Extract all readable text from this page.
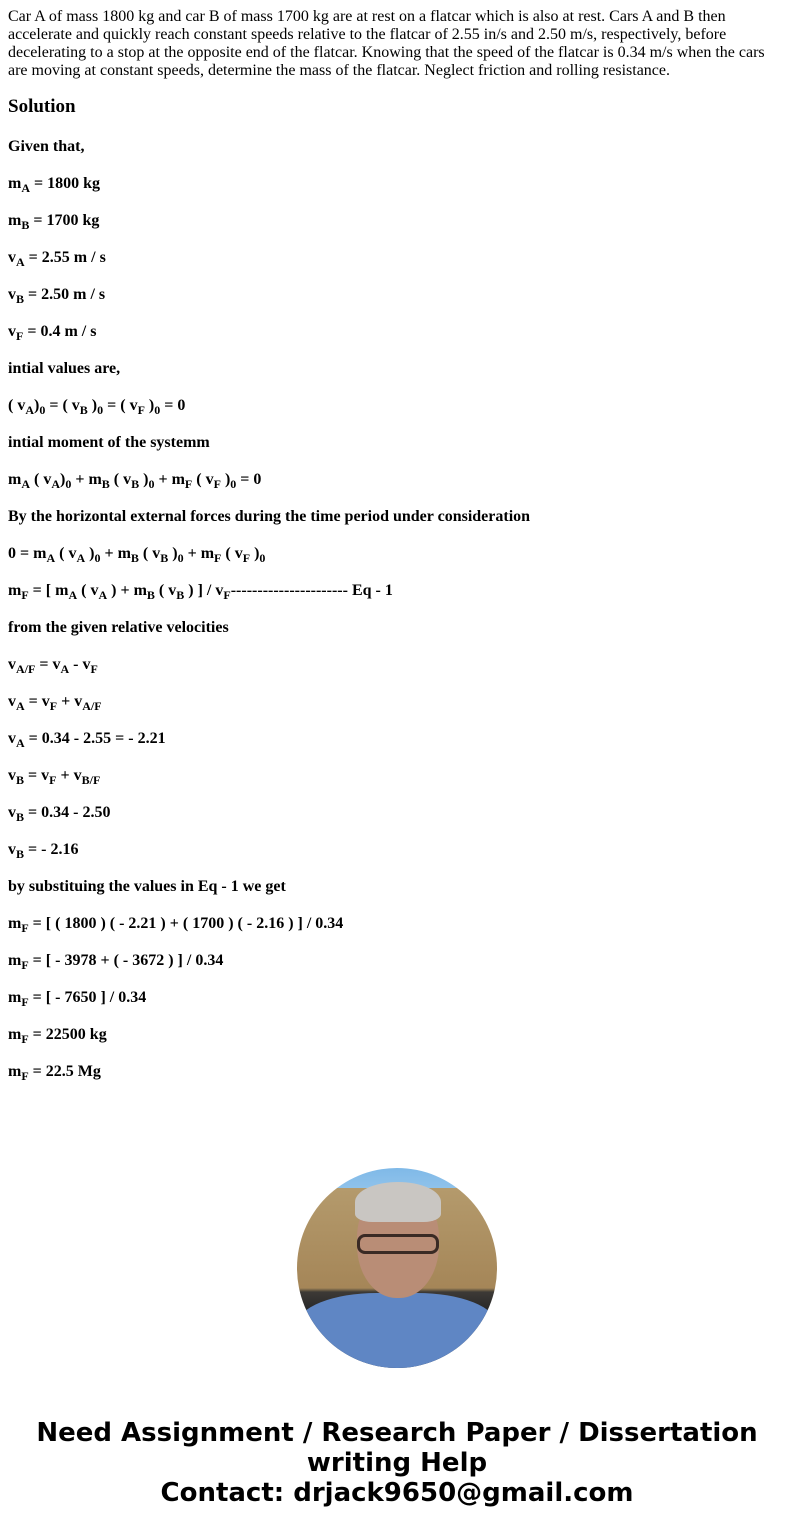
Car A of mass 1800 kg and car B of mass 1700 kg are at rest on a flatcar which is also at rest. Cars A and B then accelerate and quickly reach constant speeds relative to the flatcar of 2.55 in/s and 2.50 m/s, respectively, before decelerating to a stop at the opposite end of the flatcar. Knowing that the speed of the flatcar is 0.34 m/s when the cars are moving at constant speeds, determine the mass of the flatcar. Neglect friction and rolling resistance.

Solution

Given that,

$m_A = 1800$ kg

$m_B = 1700$ kg

$v_A = 2.55$ m / s

$v_B = 2.50$ m / s

$v_F = 0.4$ m / s

intial values are,

( $v_A)_0$ = ( $v_B$ )$_0$ = ( $v_F$ )$_0 = 0$

intial moment of the systemm

$m_A$ ( $v_A)_0 + m_B$ ( $v_B$ )$_0 + m_F$ ( $v_F$ )$_0 = 0$

By the horizontal external forces during the time period under consideration

$0 = m_A$ ( $v_A$ )$_0 + m_B$ ( $v_B$ )$_0 + m_F$ ( $v_F$ )$_0$

$m_F$ = [ $m_A$ ( $v_A$ ) + $m_B$ ( $v_B$ ) ] / $v_F----------------------$ Eq - 1

from the given relative velocities

$v_{A/F} = v_A - v_F$

$v_A = v_F + v_{A/F}$

$v_A = 0.34 - 2.55$ = - 2.21

$v_B = v_F + v_{B/F}$

$v_B = 0.34 - 2.50$

$v_B$ = - 2.16

by substituing the values in Eq - 1 we get

$m_F$ = [ ( 1800 ) ( - 2.21 ) + ( 1700 ) ( - 2.16 ) ] / 0.34

$m_F$ = [ - 3978 + ( - 3672 ) ] / 0.34

$m_F$ = [ - 7650 ] / 0.34

$m_F = 22500$ kg

$m_F = 22.5$ Mg

Need Assignment / Research Paper / Dissertation
writing Help
Contact: drjack9650@gmail.com
